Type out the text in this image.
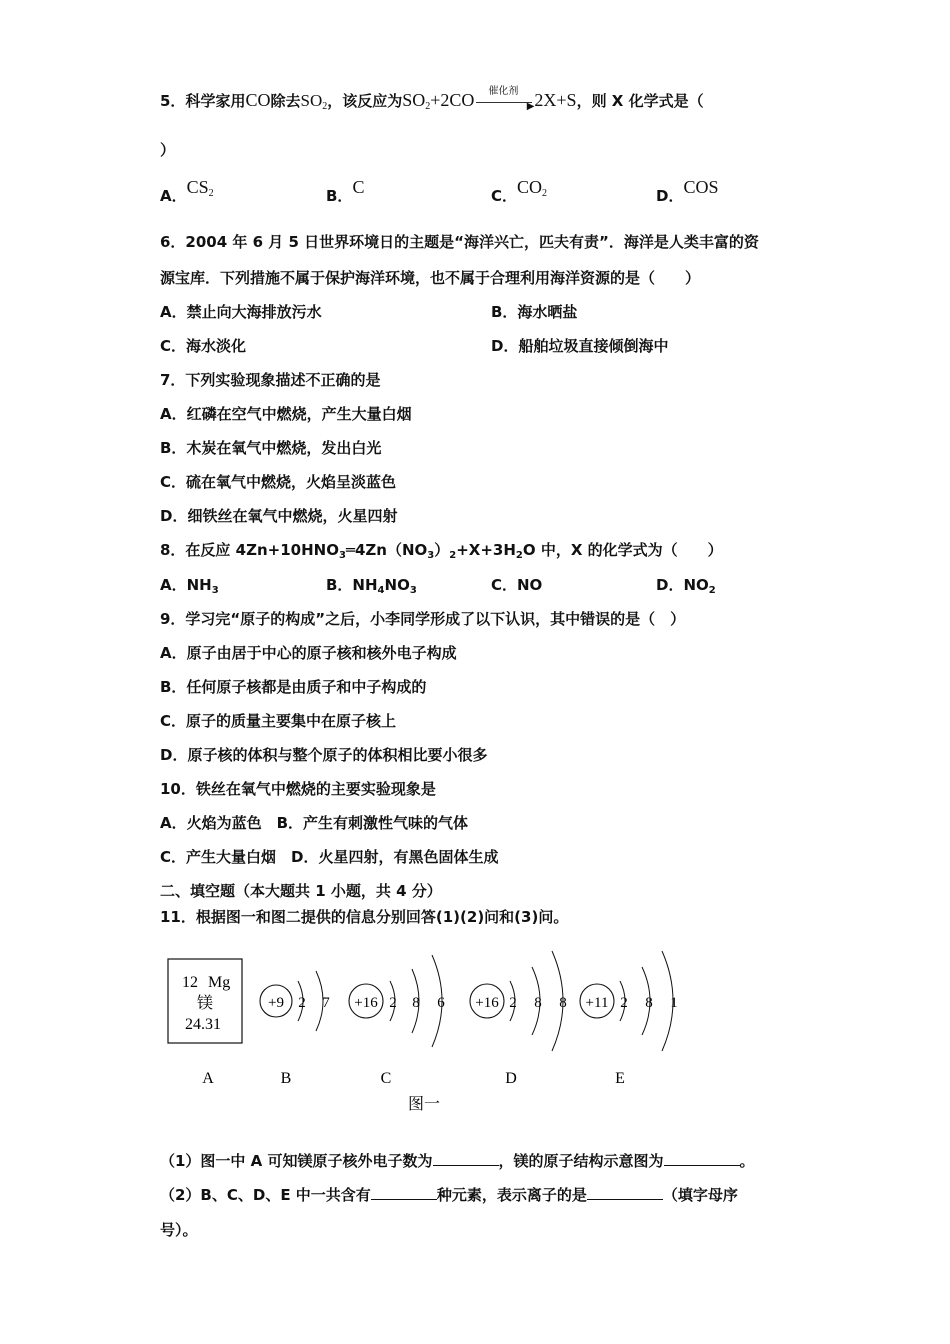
5．科学家用CO除去$SO_2$，该反应为$SO_2+2CO$ 催化剂
▶ 2X+S，则 X 化学式是（
）
A．$CS_2$	B．C	C．$CO_2$	D．COS
6．2004 年 6 月 5 日世界环境日的主题是“海洋兴亡，匹夫有责”．海洋是人类丰富的资
源宝库．下列措施不属于保护海洋环境，也不属于合理利用海洋资源的是（　　）
A．禁止向大海排放污水	B．海水晒盐
C．海水淡化	D．船舶垃圾直接倾倒海中
7．下列实验现象描述不正确的是
A．红磷在空气中燃烧，产生大量白烟
B．木炭在氧气中燃烧，发出白光
C．硫在氧气中燃烧，火焰呈淡蓝色
D．细铁丝在氧气中燃烧，火星四射
8．在反应 $4Zn+10HNO_3═4Zn(NO_3)_2+X+3H_2O$ 中，X 的化学式为（　　）
A．$NH_3$	B．$NH_4NO_3$	C．NO	D．$NO_2$
9．学习完“原子的构成”之后，小李同学形成了以下认识，其中错误的是（　）
A．原子由居于中心的原子核和核外电子构成
B．任何原子核都是由质子和中子构成的
C．原子的质量主要集中在原子核上
D．原子核的体积与整个原子的体积相比要小很多
10．铁丝在氧气中燃烧的主要实验现象是
A．火焰为蓝色　B．产生有刺激性气味的气体
C．产生大量白烟　D．火星四射，有黑色固体生成
二、填空题（本大题共 1 小题，共 4 分）
11．根据图一和图二提供的信息分别回答(1)(2)问和(3)问。
12 Mg
镁
24.31
+9 2 7 +16 2 8 6 +16 2 8 8 +11 2 8 1
A	B	C	D	E
图一
（1）图一中 A 可知镁原子核外电子数为	，镁的原子结构示意图为	。
（2）B、C、D、E 中一共含有	种元素，表示离子的是	（填字母序
号）。
